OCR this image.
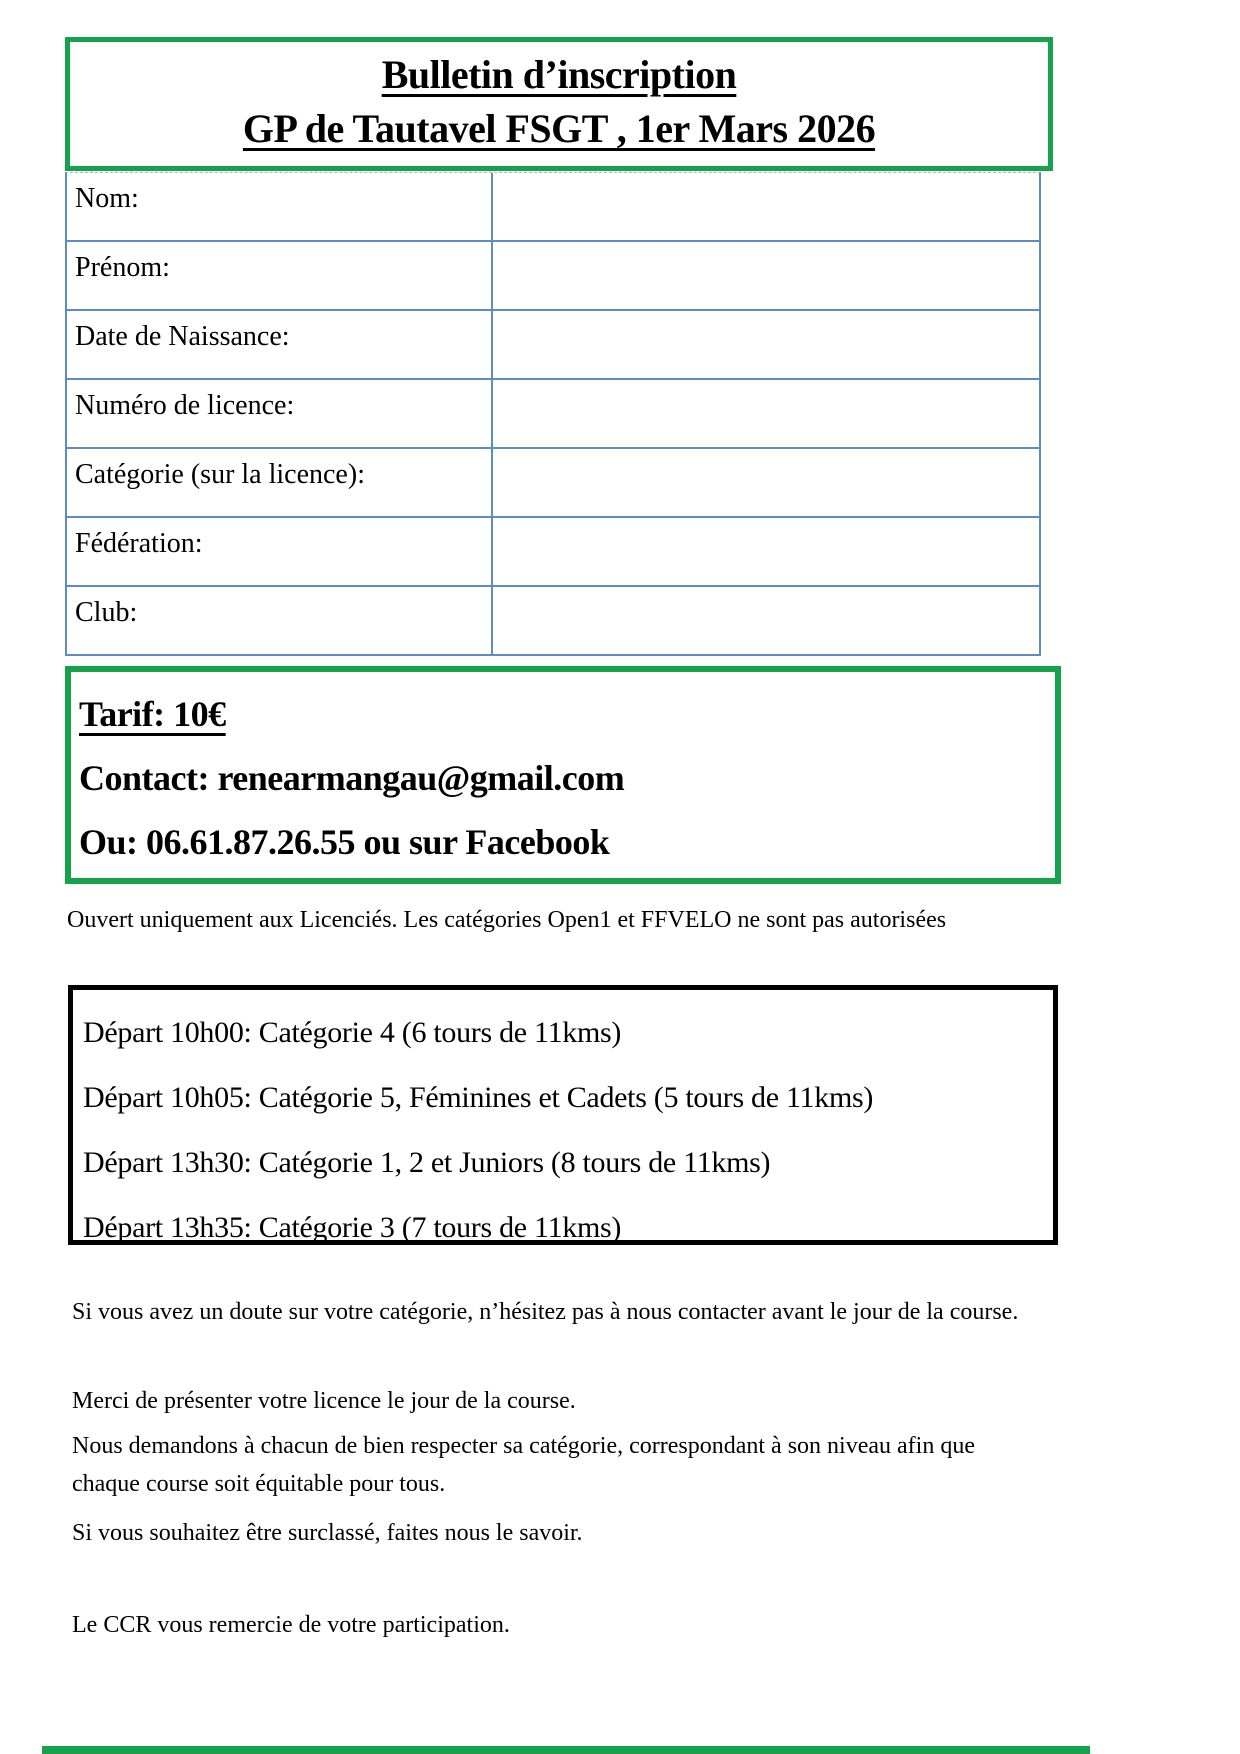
Bulletin d’inscription
GP de Tautavel FSGT , 1er Mars 2026
Nom:
Prénom:
Date de Naissance:
Numéro de licence:
Catégorie (sur la licence):
Fédération:
Club:
Tarif: 10€
Contact: renearmangau@gmail.com
Ou: 06.61.87.26.55 ou sur Facebook
Ouvert uniquement aux Licenciés. Les catégories Open1 et FFVELO ne sont pas autorisées
Départ 10h00: Catégorie 4 (6 tours de 11kms)
Départ 10h05: Catégorie 5, Féminines et Cadets (5 tours de 11kms)
Départ 13h30: Catégorie 1, 2 et Juniors (8 tours de 11kms)
Départ 13h35: Catégorie 3 (7 tours de 11kms)
Si vous avez un doute sur votre catégorie, n’hésitez pas à nous contacter avant le jour de la course.
Merci de présenter votre licence le jour de la course.
Nous demandons à chacun de bien respecter sa catégorie, correspondant à son niveau afin que chaque course soit équitable pour tous.
Si vous souhaitez être surclassé, faites nous le savoir.
Le CCR vous remercie de votre participation.
